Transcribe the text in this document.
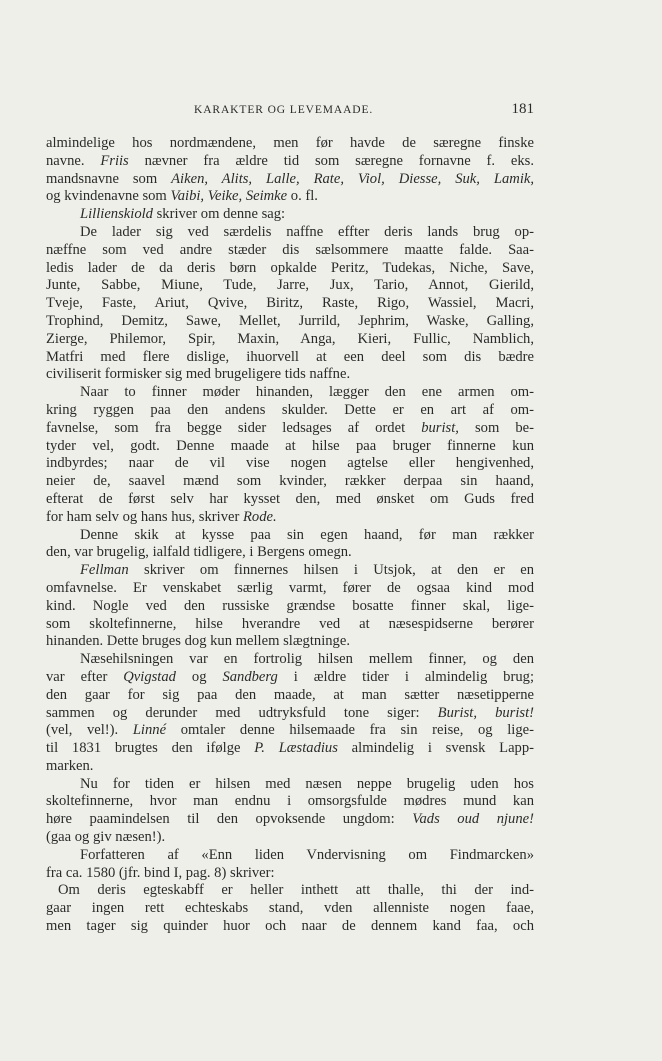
KARAKTER OG LEVEMAADE.	181
almindelige hos nordmændene, men før havde de særegne finske
navne. Friis nævner fra ældre tid som særegne fornavne f. eks.
mandsnavne som Aiken, Alits, Lalle, Rate, Viol, Diesse, Suk, Lamik,
og kvindenavne som Vaibi, Veike, Seimke o. fl.
Lillienskiold skriver om denne sag:
De lader sig ved særdelis naffne effter deris lands brug op-
næffne som ved andre stæder dis sælsommere maatte falde. Saa-
ledis lader de da deris børn opkalde Peritz, Tudekas, Niche, Save,
Junte, Sabbe, Miune, Tude, Jarre, Jux, Tario, Annot, Gierild,
Tveje, Faste, Ariut, Qvive, Biritz, Raste, Rigo, Wassiel, Macri,
Trophind, Demitz, Sawe, Mellet, Jurrild, Jephrim, Waske, Galling,
Zierge, Philemor, Spir, Maxin, Anga, Kieri, Fullic, Namblich,
Matfri med flere dislige, ihuorvell at een deel som dis bædre
civiliserit formisker sig med brugeligere tids naffne.
Naar to finner møder hinanden, lægger den ene armen om-
kring ryggen paa den andens skulder. Dette er en art af om-
favnelse, som fra begge sider ledsages af ordet burist, som be-
tyder vel, godt. Denne maade at hilse paa bruger finnerne kun
indbyrdes; naar de vil vise nogen agtelse eller hengivenhed,
neier de, saavel mænd som kvinder, rækker derpaa sin haand,
efterat de først selv har kysset den, med ønsket om Guds fred
for ham selv og hans hus, skriver Rode.
Denne skik at kysse paa sin egen haand, før man rækker
den, var brugelig, ialfald tidligere, i Bergens omegn.
Fellman skriver om finnernes hilsen i Utsjok, at den er en
omfavnelse. Er venskabet særlig varmt, fører de ogsaa kind mod
kind. Nogle ved den russiske grændse bosatte finner skal, lige-
som skoltefinnerne, hilse hverandre ved at næsespidserne berører
hinanden. Dette bruges dog kun mellem slægtninge.
Næsehilsningen var en fortrolig hilsen mellem finner, og den
var efter Qvigstad og Sandberg i ældre tider i almindelig brug;
den gaar for sig paa den maade, at man sætter næsetipperne
sammen og derunder med udtryksfuld tone siger: Burist, burist!
(vel, vel!). Linné omtaler denne hilsemaade fra sin reise, og lige-
til 1831 brugtes den ifølge P. Læstadius almindelig i svensk Lapp-
marken.
Nu for tiden er hilsen med næsen neppe brugelig uden hos
skoltefinnerne, hvor man endnu i omsorgsfulde mødres mund kan
høre paamindelsen til den opvoksende ungdom: Vads oud njune!
(gaa og giv næsen!).
Forfatteren af «Enn liden Vndervisning om Findmarcken»
fra ca. 1580 (jfr. bind I, pag. 8) skriver:
Om deris egteskabff er heller inthett att thalle, thi der ind-
gaar ingen rett echteskabs stand, vden allenniste nogen faae,
men tager sig quinder huor och naar de dennem kand faa, och
